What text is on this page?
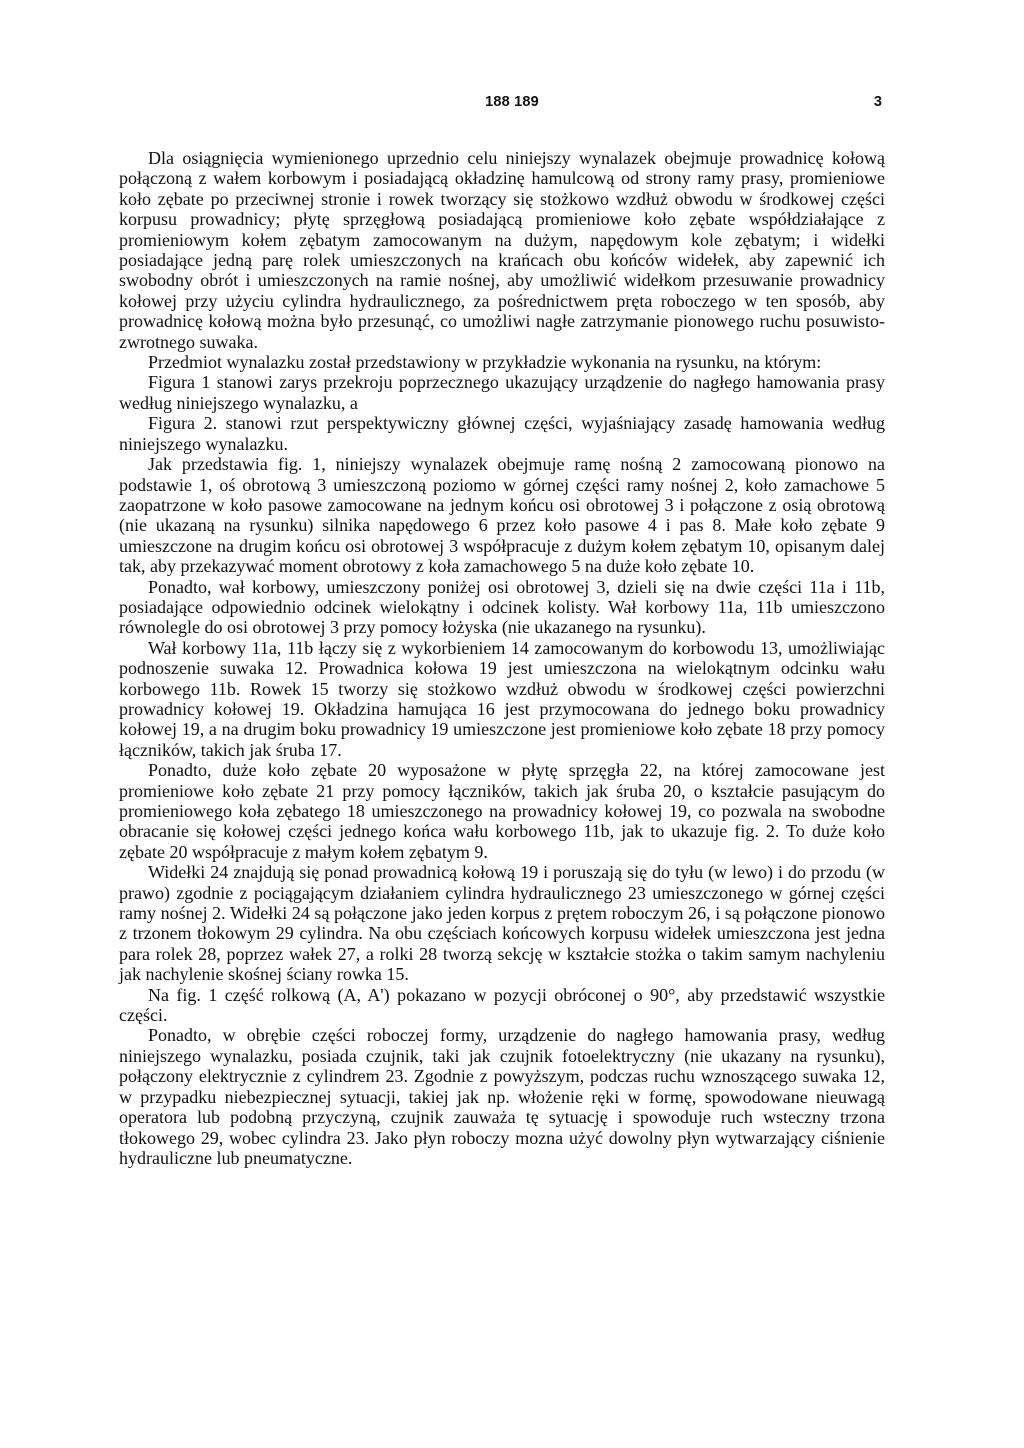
188 189	3

Dla osiągnięcia wymienionego uprzednio celu niniejszy wynalazek obejmuje prowadnicę kołową połączoną z wałem korbowym i posiadającą okładzinę hamulcową od strony ramy prasy, promieniowe koło zębate po przeciwnej stronie i rowek tworzący się stożkowo wzdłuż obwodu w środkowej części korpusu prowadnicy; płytę sprzęgłową posiadającą promieniowe koło zębate współdziałające z promieniowym kołem zębatym zamocowanym na dużym, napędowym kole zębatym; i widełki posiadające jedną parę rolek umieszczonych na krańcach obu końców widełek, aby zapewnić ich swobodny obrót i umieszczonych na ramie nośnej, aby umożliwić widełkom przesuwanie prowadnicy kołowej przy użyciu cylindra hydraulicznego, za pośrednictwem pręta roboczego w ten sposób, aby prowadnicę kołową można było przesunąć, co umożliwi nagłe zatrzymanie pionowego ruchu posuwisto-zwrotnego suwaka.

Przedmiot wynalazku został przedstawiony w przykładzie wykonania na rysunku, na którym:

Figura 1 stanowi zarys przekroju poprzecznego ukazujący urządzenie do nagłego hamowania prasy według niniejszego wynalazku, a

Figura 2. stanowi rzut perspektywiczny głównej części, wyjaśniający zasadę hamowania według niniejszego wynalazku.

Jak przedstawia fig. 1, niniejszy wynalazek obejmuje ramę nośną 2 zamocowaną pionowo na podstawie 1, oś obrotową 3 umieszczoną poziomo w górnej części ramy nośnej 2, koło zamachowe 5 zaopatrzone w koło pasowe zamocowane na jednym końcu osi obrotowej 3 i połączone z osią obrotową (nie ukazaną na rysunku) silnika napędowego 6 przez koło pasowe 4 i pas 8. Małe koło zębate 9 umieszczone na drugim końcu osi obrotowej 3 współpracuje z dużym kołem zębatym 10, opisanym dalej tak, aby przekazywać moment obrotowy z koła zamachowego 5 na duże koło zębate 10.

Ponadto, wał korbowy, umieszczony poniżej osi obrotowej 3, dzieli się na dwie części 11a i 11b, posiadające odpowiednio odcinek wielokątny i odcinek kolisty. Wał korbowy 11a, 11b umieszczono równolegle do osi obrotowej 3 przy pomocy łożyska (nie ukazanego na rysunku).

Wał korbowy 11a, 11b łączy się z wykorbieniem 14 zamocowanym do korbowodu 13, umożliwiając podnoszenie suwaka 12. Prowadnica kołowa 19 jest umieszczona na wielokątnym odcinku wału korbowego 11b. Rowek 15 tworzy się stożkowo wzdłuż obwodu w środkowej części powierzchni prowadnicy kołowej 19. Okładzina hamująca 16 jest przymocowana do jednego boku prowadnicy kołowej 19, a na drugim boku prowadnicy 19 umieszczone jest promieniowe koło zębate 18 przy pomocy łączników, takich jak śruba 17.

Ponadto, duże koło zębate 20 wyposażone w płytę sprzęgła 22, na której zamocowane jest promieniowe koło zębate 21 przy pomocy łączników, takich jak śruba 20, o kształcie pasującym do promieniowego koła zębatego 18 umieszczonego na prowadnicy kołowej 19, co pozwala na swobodne obracanie się kołowej części jednego końca wału korbowego 11b, jak to ukazuje fig. 2. To duże koło zębate 20 współpracuje z małym kołem zębatym 9.

Widełki 24 znajdują się ponad prowadnicą kołową 19 i poruszają się do tyłu (w lewo) i do przodu (w prawo) zgodnie z pociągającym działaniem cylindra hydraulicznego 23 umieszczonego w górnej części ramy nośnej 2. Widełki 24 są połączone jako jeden korpus z prętem roboczym 26, i są połączone pionowo z trzonem tłokowym 29 cylindra. Na obu częściach końcowych korpusu widełek umieszczona jest jedna para rolek 28, poprzez wałek 27, a rolki 28 tworzą sekcję w kształcie stożka o takim samym nachyleniu jak nachylenie skośnej ściany rowka 15.

Na fig. 1 część rolkową (A, A') pokazano w pozycji obróconej o 90°, aby przedstawić wszystkie części.

Ponadto, w obrębie części roboczej formy, urządzenie do nagłego hamowania prasy, według niniejszego wynalazku, posiada czujnik, taki jak czujnik fotoelektryczny (nie ukazany na rysunku), połączony elektrycznie z cylindrem 23. Zgodnie z powyższym, podczas ruchu wznoszącego suwaka 12, w przypadku niebezpiecznej sytuacji, takiej jak np. włożenie ręki w formę, spowodowane nieuwagą operatora lub podobną przyczyną, czujnik zauważa tę sytuację i spowoduje ruch wsteczny trzona tłokowego 29, wobec cylindra 23. Jako płyn roboczy mozna użyć dowolny płyn wytwarzający ciśnienie hydrauliczne lub pneumatyczne.
